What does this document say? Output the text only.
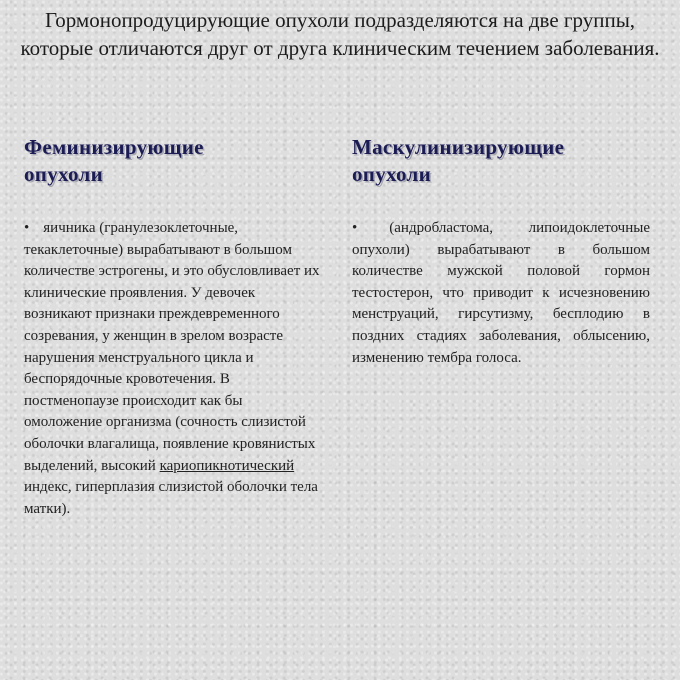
Гормонопродуцирующие опухоли подразделяются на две группы, которые отличаются друг от друга клиническим течением заболевания.
Феминизирующие
опухоли
• яичника (гранулезоклеточные, текаклеточные) вырабатывают в большом количестве эстрогены, и это обусловливает их клинические проявления. У девочек возникают признаки преждевременного созревания, у женщин в зрелом возрасте нарушения менструального цикла и беспорядочные кровотечения. В постменопаузе происходит как бы омоложение организма (сочность слизистой оболочки влагалища, появление кровянистых выделений, высокий кариопикнотический индекс, гиперплазия слизистой оболочки тела матки).
Маскулинизирующие
опухоли
• (андробластома, липоидоклеточные опухоли) вырабатывают в большом количестве мужской половой гормон тестостерон, что приводит к исчезновению менструаций, гирсутизму, бесплодию в поздних стадиях заболевания, облысению, изменению тембра голоса.
